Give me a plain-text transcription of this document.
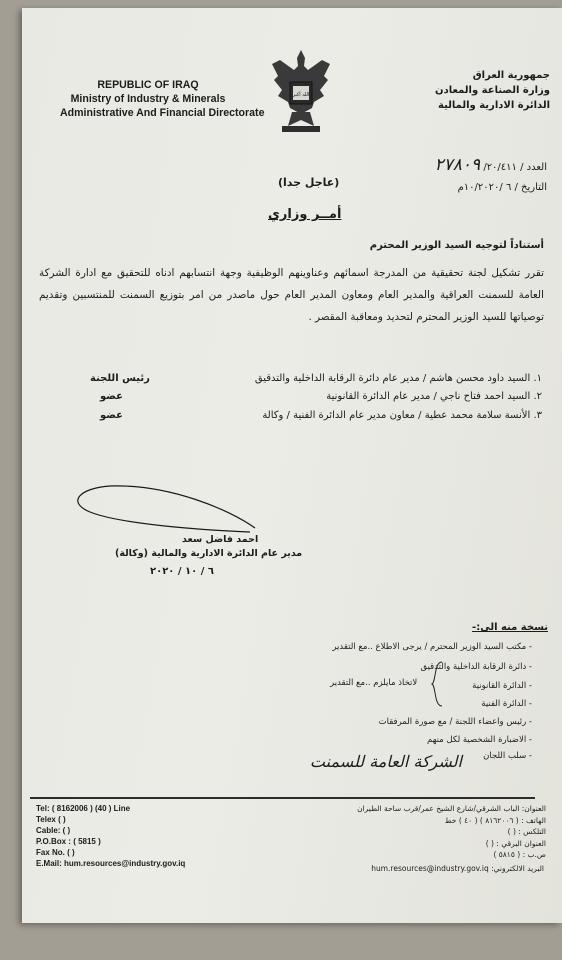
REPUBLIC OF IRAQ
Ministry of Industry & Minerals
Administrative And Financial Directorate
الله أكبر
جمهورية العراق
وزارة الصناعة والمعادن
الدائرة الادارية والمالية
العدد / ٢٠/٤١١/ ٢٧٨٠٩
التاريخ / ٦ /١٠/٢٠٢٠م
(عاجل جدا)
أمــر وزاري
أستناداً لتوجيه السيد الوزير المحترم
تقرر تشكيل لجنة تحقيقية من المدرجة اسمائهم وعناوينهم الوظيفية وجهة انتسابهم ادناه للتحقيق مع ادارة الشركة العامة للسمنت العراقية والمدير العام ومعاون المدير العام حول ماصدر من امر بتوزيع السمنت للمنتسبين وتقديم توصياتها للسيد الوزير المحترم لتحديد ومعاقبة المقصر .
١. السيد داود محسن هاشم / مدير عام دائرة الرقابة الداخلية والتدقيق
رئيس اللجنة
٢. السيد احمد فتاح ناجي / مدير عام الدائرة القانونية
عضو
٣. الأنسة سلامة محمد عطية / معاون مدير عام الدائرة الفنية / وكالة
عضو
احمد فاضل سعد
مدير عام الدائرة الادارية والمالية (وكالة)
٦ / ١٠ / ٢٠٢٠
نسخة منه الى:-
- مكتب السيد الوزير المحترم / يرجى الاطلاع ..مع التقدير
- دائرة الرقابة الداخلية والتدقيق
- الدائرة القانونية
- الدائرة الفنية
لاتخاذ مايلزم ..مع التقدير
- رئيس واعضاء اللجنة / مع صورة المرفقات
- الاضبارة الشخصية لكل منهم
- سلب اللجان
الشركة العامة للسمنت
Tel: ( 8162006 ) (40 ) Line
Telex ( )
Cable: ( )
P.O.Box : ( 5815 )
Fax No. ( )
E.Mail: hum.resources@industry.gov.iq
العنوان: الباب الشرقي/شارع الشيخ عمر/قرب ساحة الطيران
الهاتف : ( ٨١٦٢٠٠٦ ) ( ٤٠ ) خط
التلكس : ( )
العنوان البرقي : ( )
ص.ب : ( ٥٨١٥ )
البريد الالكتروني: hum.resources@industry.gov.iq
